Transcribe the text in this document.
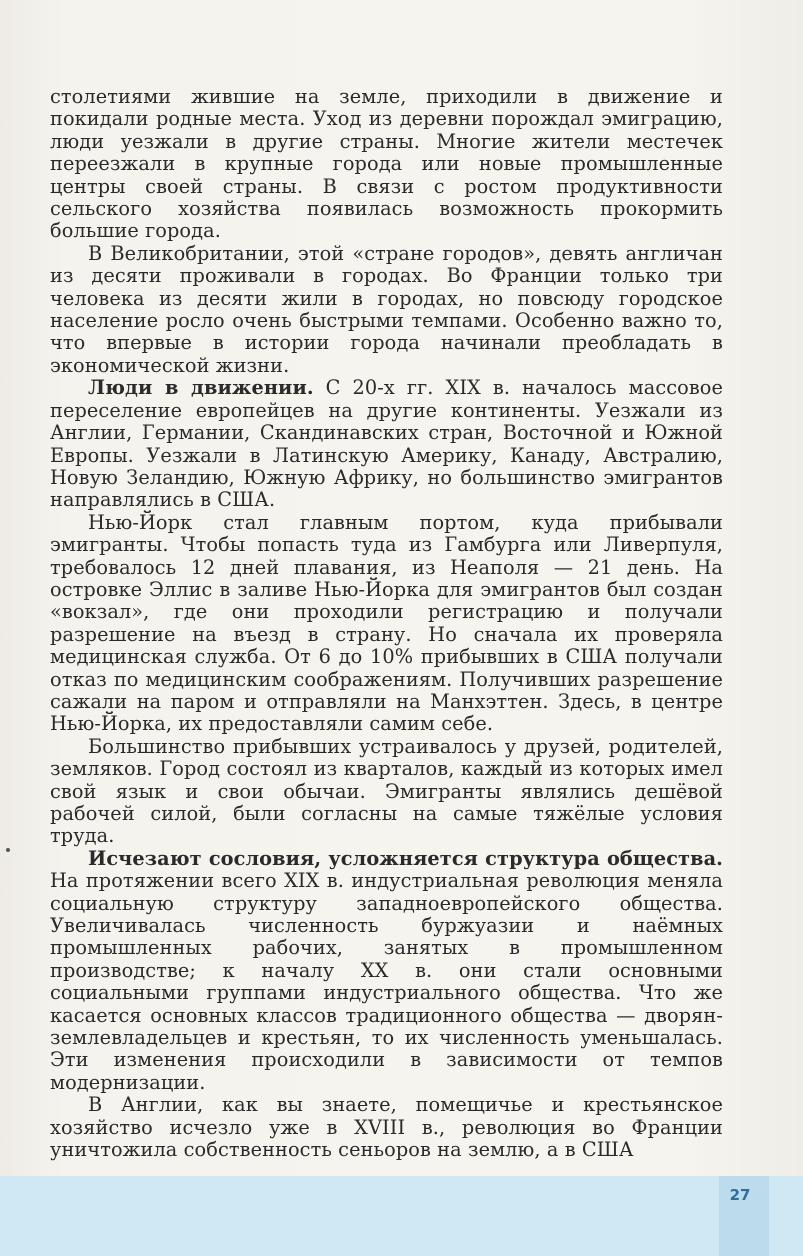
столетиями жившие на земле, приходили в движение и покидали родные места. Уход из деревни порождал эмиграцию, люди уезжали в другие страны. Многие жители местечек переезжали в крупные города или новые промышленные центры своей страны. В связи с ростом продуктивности сельского хозяйства появилась возможность прокормить большие города.

В Великобритании, этой «стране городов», девять англичан из десяти проживали в городах. Во Франции только три человека из десяти жили в городах, но повсюду городское население росло очень быстрыми темпами. Особенно важно то, что впервые в истории города начинали преобладать в экономической жизни.

Люди в движении. С 20-х гг. XIX в. началось массовое переселение европейцев на другие континенты. Уезжали из Англии, Германии, Скандинавских стран, Восточной и Южной Европы. Уезжали в Латинскую Америку, Канаду, Австралию, Новую Зеландию, Южную Африку, но большинство эмигрантов направлялись в США.

Нью-Йорк стал главным портом, куда прибывали эмигранты. Чтобы попасть туда из Гамбурга или Ливерпуля, требовалось 12 дней плавания, из Неаполя — 21 день. На островке Эллис в заливе Нью-Йорка для эмигрантов был создан «вокзал», где они проходили регистрацию и получали разрешение на въезд в страну. Но сначала их проверяла медицинская служба. От 6 до 10% прибывших в США получали отказ по медицинским соображениям. Получивших разрешение сажали на паром и отправляли на Манхэттен. Здесь, в центре Нью-Йорка, их предоставляли самим себе.

Большинство прибывших устраивалось у друзей, родителей, земляков. Город состоял из кварталов, каждый из которых имел свой язык и свои обычаи. Эмигранты являлись дешёвой рабочей силой, были согласны на самые тяжёлые условия труда.

Исчезают сословия, усложняется структура общества. На протяжении всего XIX в. индустриальная революция меняла социальную структуру западноевропейского общества. Увеличивалась численность буржуазии и наёмных промышленных рабочих, занятых в промышленном производстве; к началу XX в. они стали основными социальными группами индустриального общества. Что же касается основных классов традиционного общества — дворян-землевладельцев и крестьян, то их численность уменьшалась. Эти изменения происходили в зависимости от темпов модернизации.

В Англии, как вы знаете, помещичье и крестьянское хозяйство исчезло уже в XVIII в., революция во Франции уничтожила собственность сеньоров на землю, а в США

27
